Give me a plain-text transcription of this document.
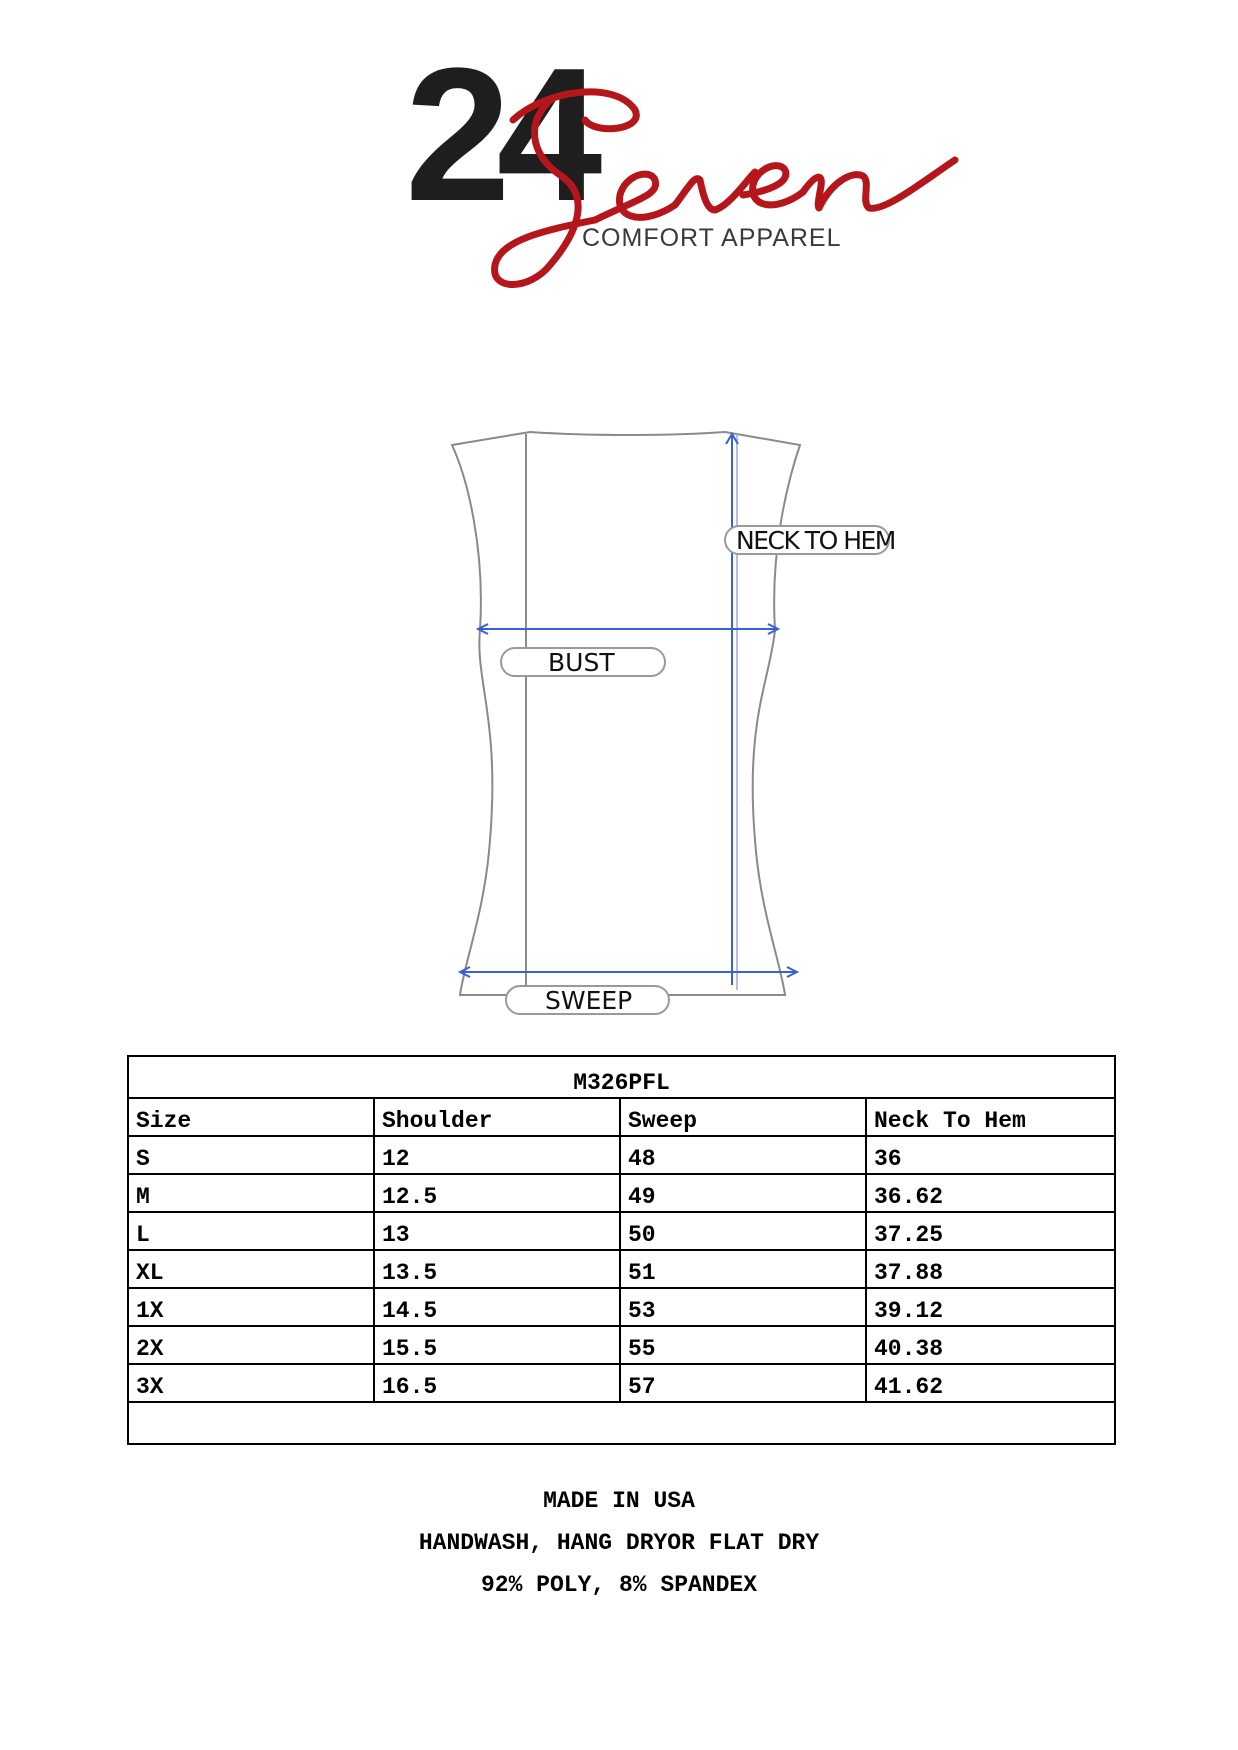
24
COMFORT APPAREL
NECK TO HEM
BUST
SWEEP
M326PFL			
Size	Shoulder	Sweep	Neck To Hem
S	12	48	36
M	12.5	49	36.62
L	13	50	37.25
XL	13.5	51	37.88
1X	14.5	53	39.12
2X	15.5	55	40.38
3X	16.5	57	41.62

MADE IN USA
HANDWASH, HANG DRYOR FLAT DRY
92% POLY, 8% SPANDEX
